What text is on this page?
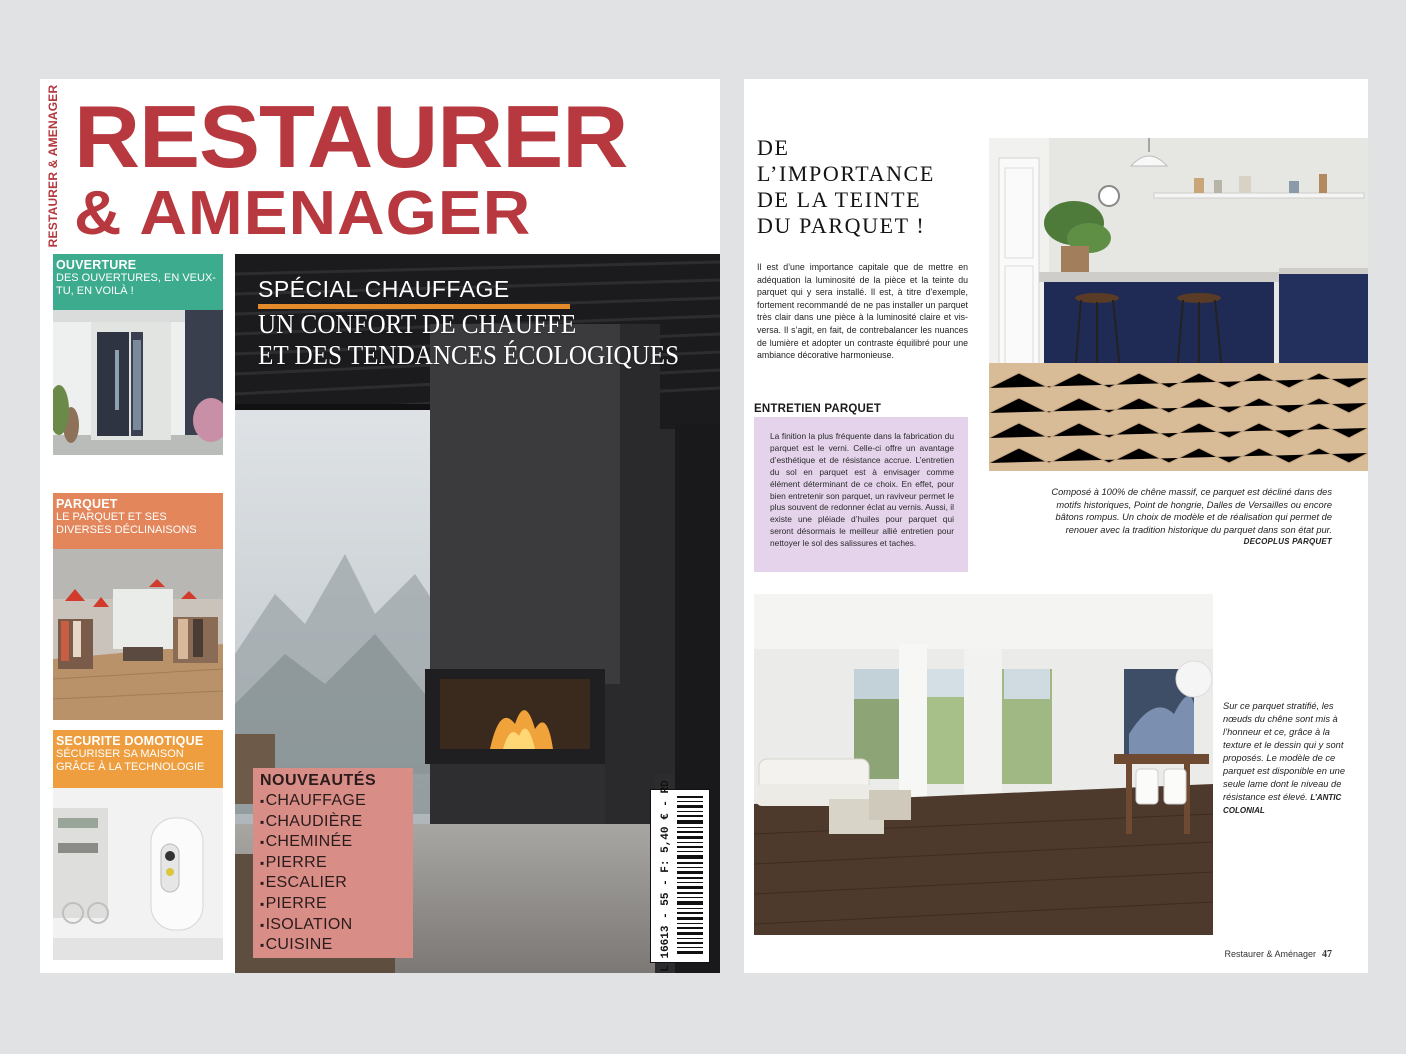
RESTAURER & AMENAGER RESTAURER
& AMENAGER
OUVERTURE
DES OUVERTURES, EN VEUX-TU, EN VOILÀ !
PARQUET
LE PARQUET ET SES DIVERSES DÉCLINAISONS
SECURITE DOMOTIQUE
SÉCURISER SA MAISON GRÂCE À LA TECHNOLOGIE
SPÉCIAL CHAUFFAGE
UN CONFORT DE CHAUFFE
ET DES TENDANCES ÉCOLOGIQUES
NOUVEAUTÉS
▪ CHAUFFAGE
▪ CHAUDIÈRE
▪ CHEMINÉE
▪ PIERRE
▪ ESCALIER
▪ PIERRE
▪ ISOLATION
▪ CUISINE	L 16613 - 55 - F: 5,40 € - RD
DE
L’IMPORTANCE
DE LA TEINTE
DU PARQUET !
Il est d’une importance capitale que de mettre en adéquation la luminosité de la pièce et la teinte du parquet qui y sera installé. Il est, à titre d’exemple, fortement recommandé de ne pas installer un parquet très clair dans une pièce à la luminosité claire et vis-versa. Il s’agit, en fait, de contrebalancer les nuances de lumière et adopter un contraste équilibré pour une ambiance décorative harmonieuse.
ENTRETIEN PARQUET
La finition la plus fréquente dans la fabrication du parquet est le verni. Celle-ci offre un avantage d’esthétique et de résistance accrue. L’entretien du sol en parquet est à envisager comme élément déterminant de ce choix. En effet, pour bien entretenir son parquet, un raviveur permet le plus souvent de redonner éclat au vernis. Aussi, il existe une pléiade d’huiles pour parquet qui seront désormais le meilleur allié entretien pour nettoyer le sol des salissures et taches.
Composé à 100% de chêne massif, ce parquet est décliné dans des motifs historiques, Point de hongrie, Dalles de Versailles ou encore bâtons rompus. Un choix de modèle et de réalisation qui permet de renouer avec la tradition historique du parquet dans son état pur.
DECOPLUS PARQUET
Sur ce parquet stratifié, les nœuds du chêne sont mis à l’honneur et ce, grâce à la texture et le dessin qui y sont proposés. Le modèle de ce parquet est disponible en une seule lame dont le niveau de résistance est élevé. L’ANTIC COLONIAL
Restaurer & Aménager 47
